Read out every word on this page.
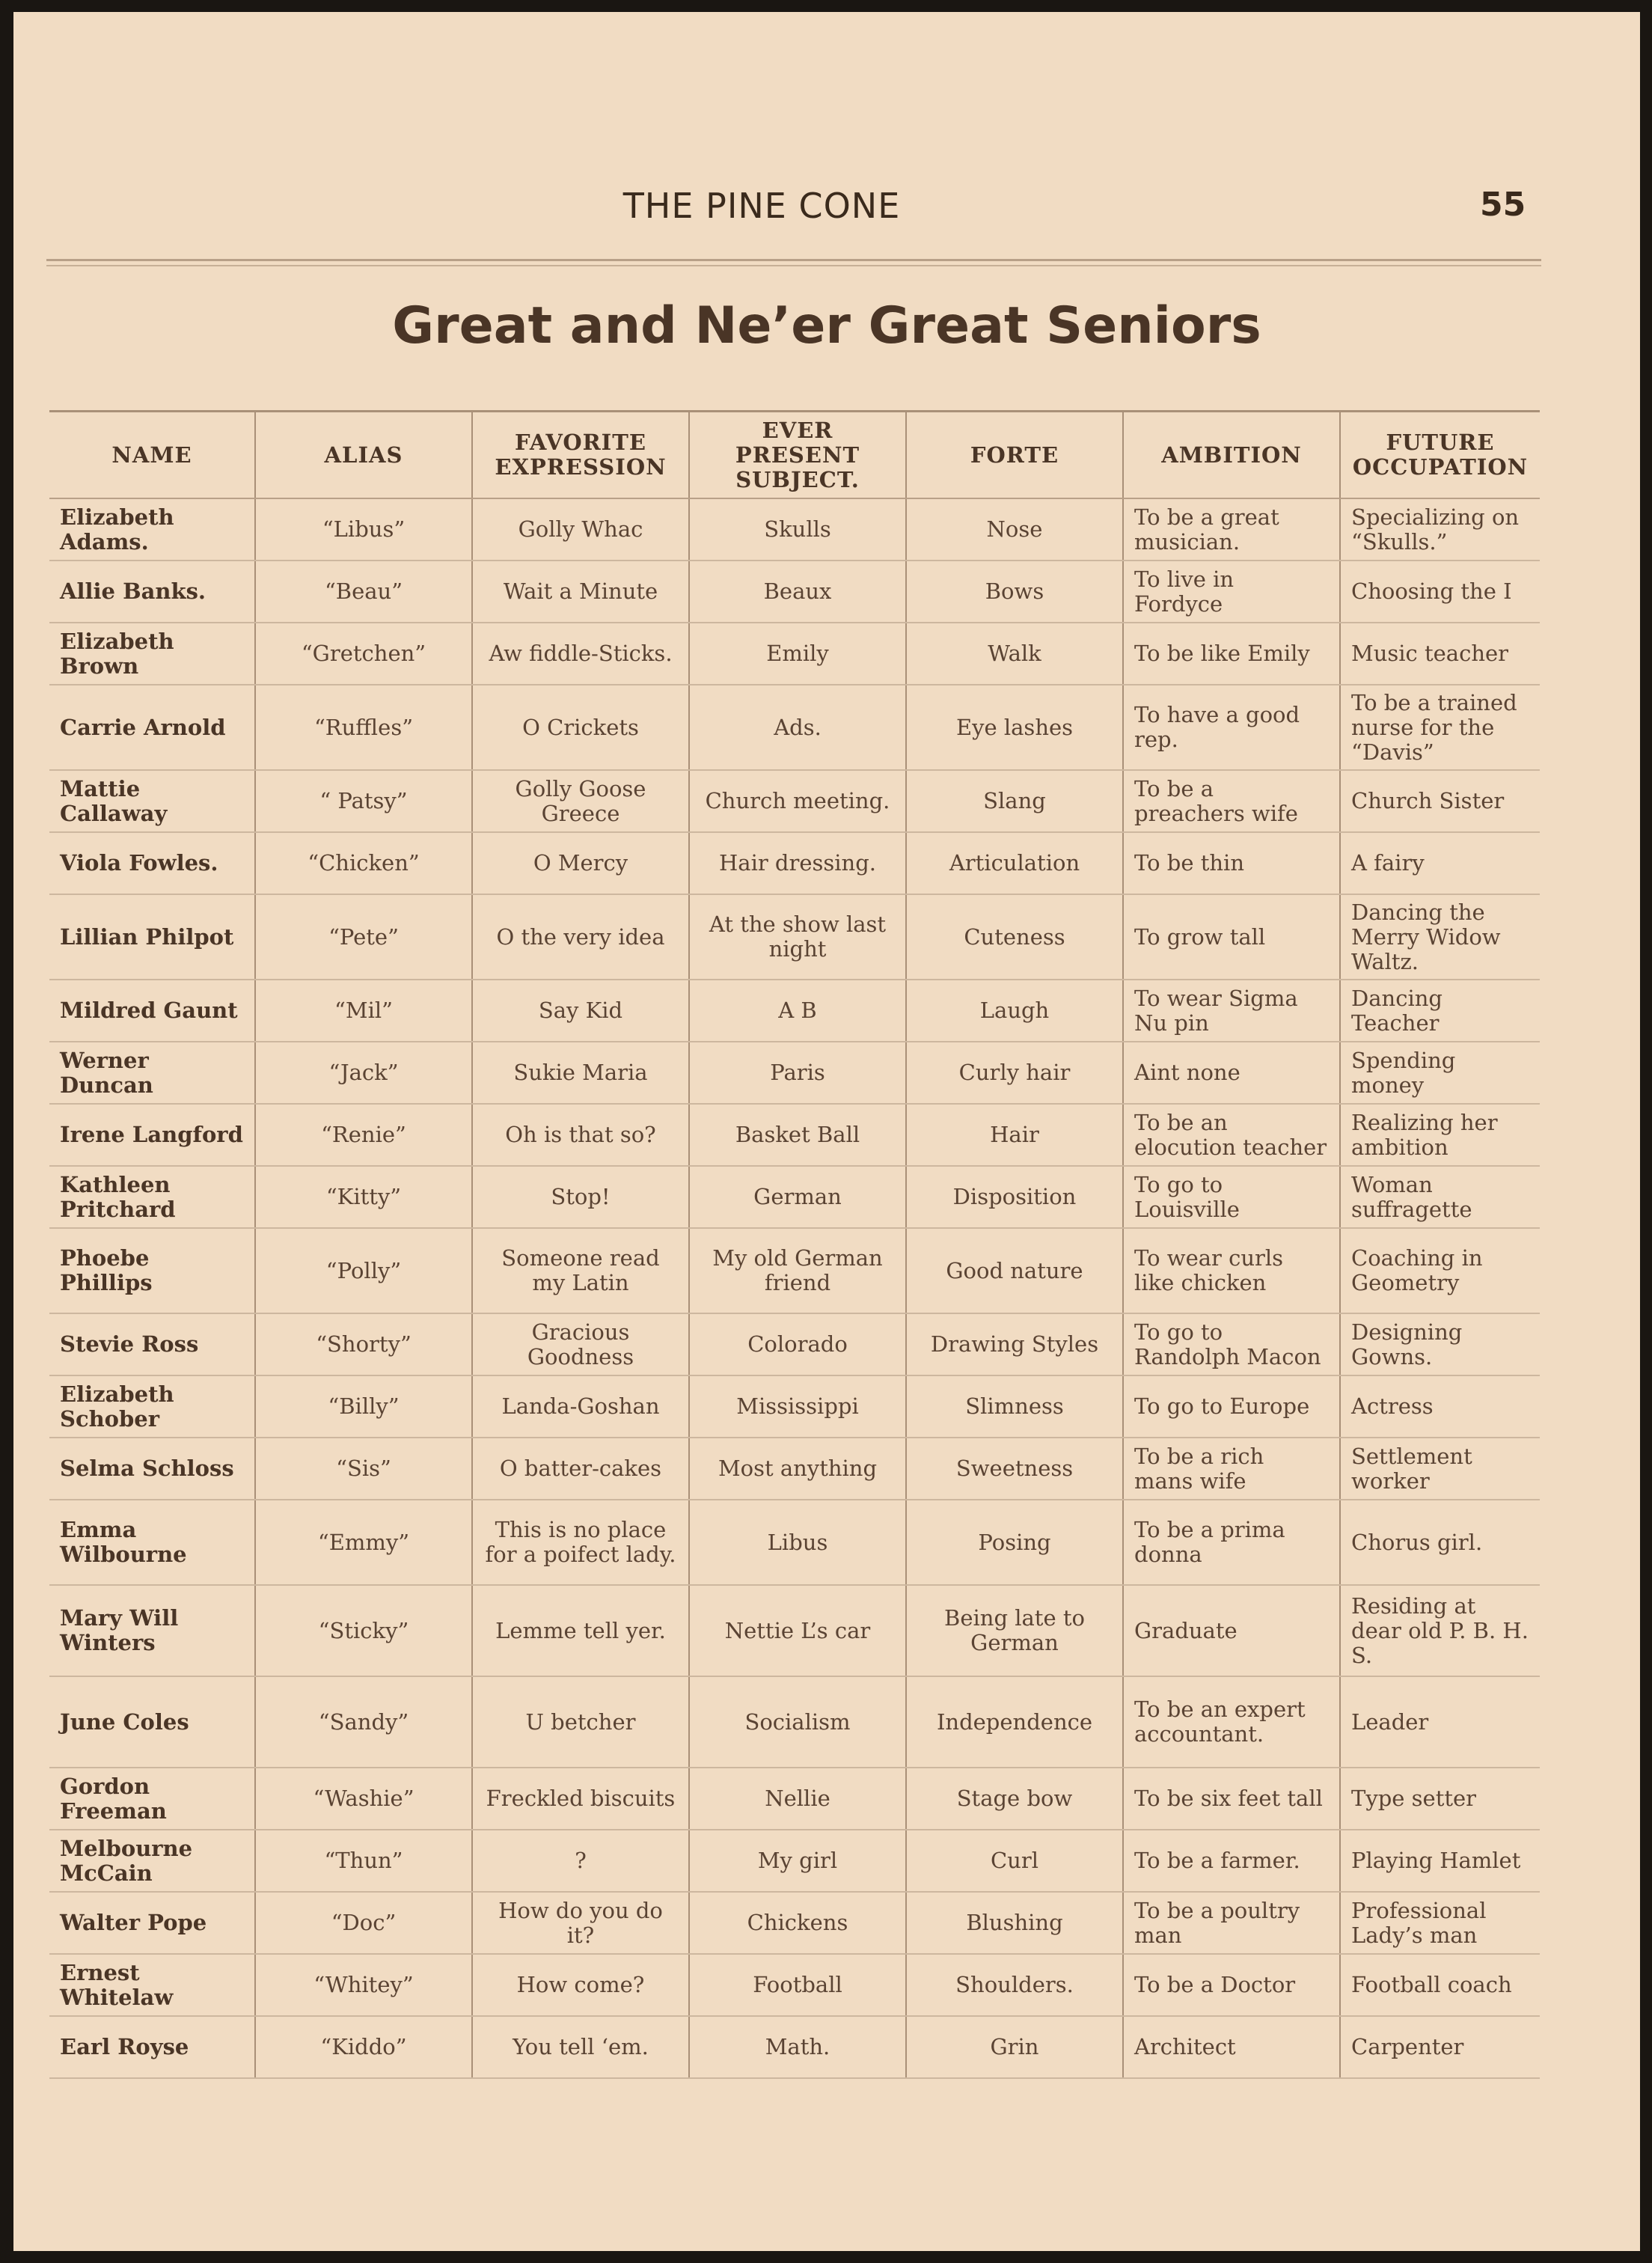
THE PINE CONE	55
Great and Ne’er Great Seniors
NAME	ALIAS	FAVORITE EXPRESSION	EVER PRESENT SUBJECT.	FORTE	AMBITION	FUTURE OCCUPATION
Elizabeth Adams.	“Libus”	Golly Whac	Skulls	Nose	To be a great musician.	Specializing on “Skulls.”
Allie Banks.	“Beau”	Wait a Minute	Beaux	Bows	To live in Fordyce	Choosing the I
Elizabeth Brown	“Gretchen”	Aw fiddle-Sticks.	Emily	Walk	To be like Emily	Music teacher
Carrie Arnold	“Ruffles”	O Crickets	Ads.	Eye lashes	To have a good rep.	To be a trained nurse for the “Davis”
Mattie Callaway	“ Patsy”	Golly Goose Greece	Church meeting.	Slang	To be a preachers wife	Church Sister
Viola Fowles.	“Chicken”	O Mercy	Hair dressing.	Articulation	To be thin	A fairy
Lillian Philpot	“Pete”	O the very idea	At the show last night	Cuteness	To grow tall	Dancing the Merry Widow Waltz.
Mildred Gaunt	“Mil”	Say Kid	A B	Laugh	To wear Sigma Nu pin	Dancing Teacher
Werner Duncan	“Jack”	Sukie Maria	Paris	Curly hair	Aint none	Spending money
Irene Langford	“Renie”	Oh is that so?	Basket Ball	Hair	To be an elocution teacher	Realizing her ambition
Kathleen Pritchard	“Kitty”	Stop!	German	Disposition	To go to Louisville	Woman suffragette
Phoebe Phillips	“Polly”	Someone read my Latin	My old German friend	Good nature	To wear curls like chicken	Coaching in Geometry
Stevie Ross	“Shorty”	Gracious Goodness	Colorado	Drawing Styles	To go to Randolph Macon	Designing Gowns.
Elizabeth Schober	“Billy”	Landa-Goshan	Mississippi	Slimness	To go to Europe	Actress
Selma Schloss	“Sis”	O batter-cakes	Most anything	Sweetness	To be a rich mans wife	Settlement worker
Emma Wilbourne	“Emmy”	This is no place for a poifect lady.	Libus	Posing	To be a prima donna	Chorus girl.
Mary Will Winters	“Sticky”	Lemme tell yer.	Nettie L’s car	Being late to German	Graduate	Residing at dear old P. B. H. S.
June Coles	“Sandy”	U betcher	Socialism	Independence	To be an expert accountant.	Leader
Gordon Freeman	“Washie”	Freckled biscuits	Nellie	Stage bow	To be six feet tall	Type setter
Melbourne McCain	“Thun”	?	My girl	Curl	To be a farmer.	Playing Hamlet
Walter Pope	“Doc”	How do you do it?	Chickens	Blushing	To be a poultry man	Professional Lady’s man
Ernest Whitelaw	“Whitey”	How come?	Football	Shoulders.	To be a Doctor	Football coach
Earl Royse	“Kiddo”	You tell ‘em.	Math.	Grin	Architect	Carpenter
